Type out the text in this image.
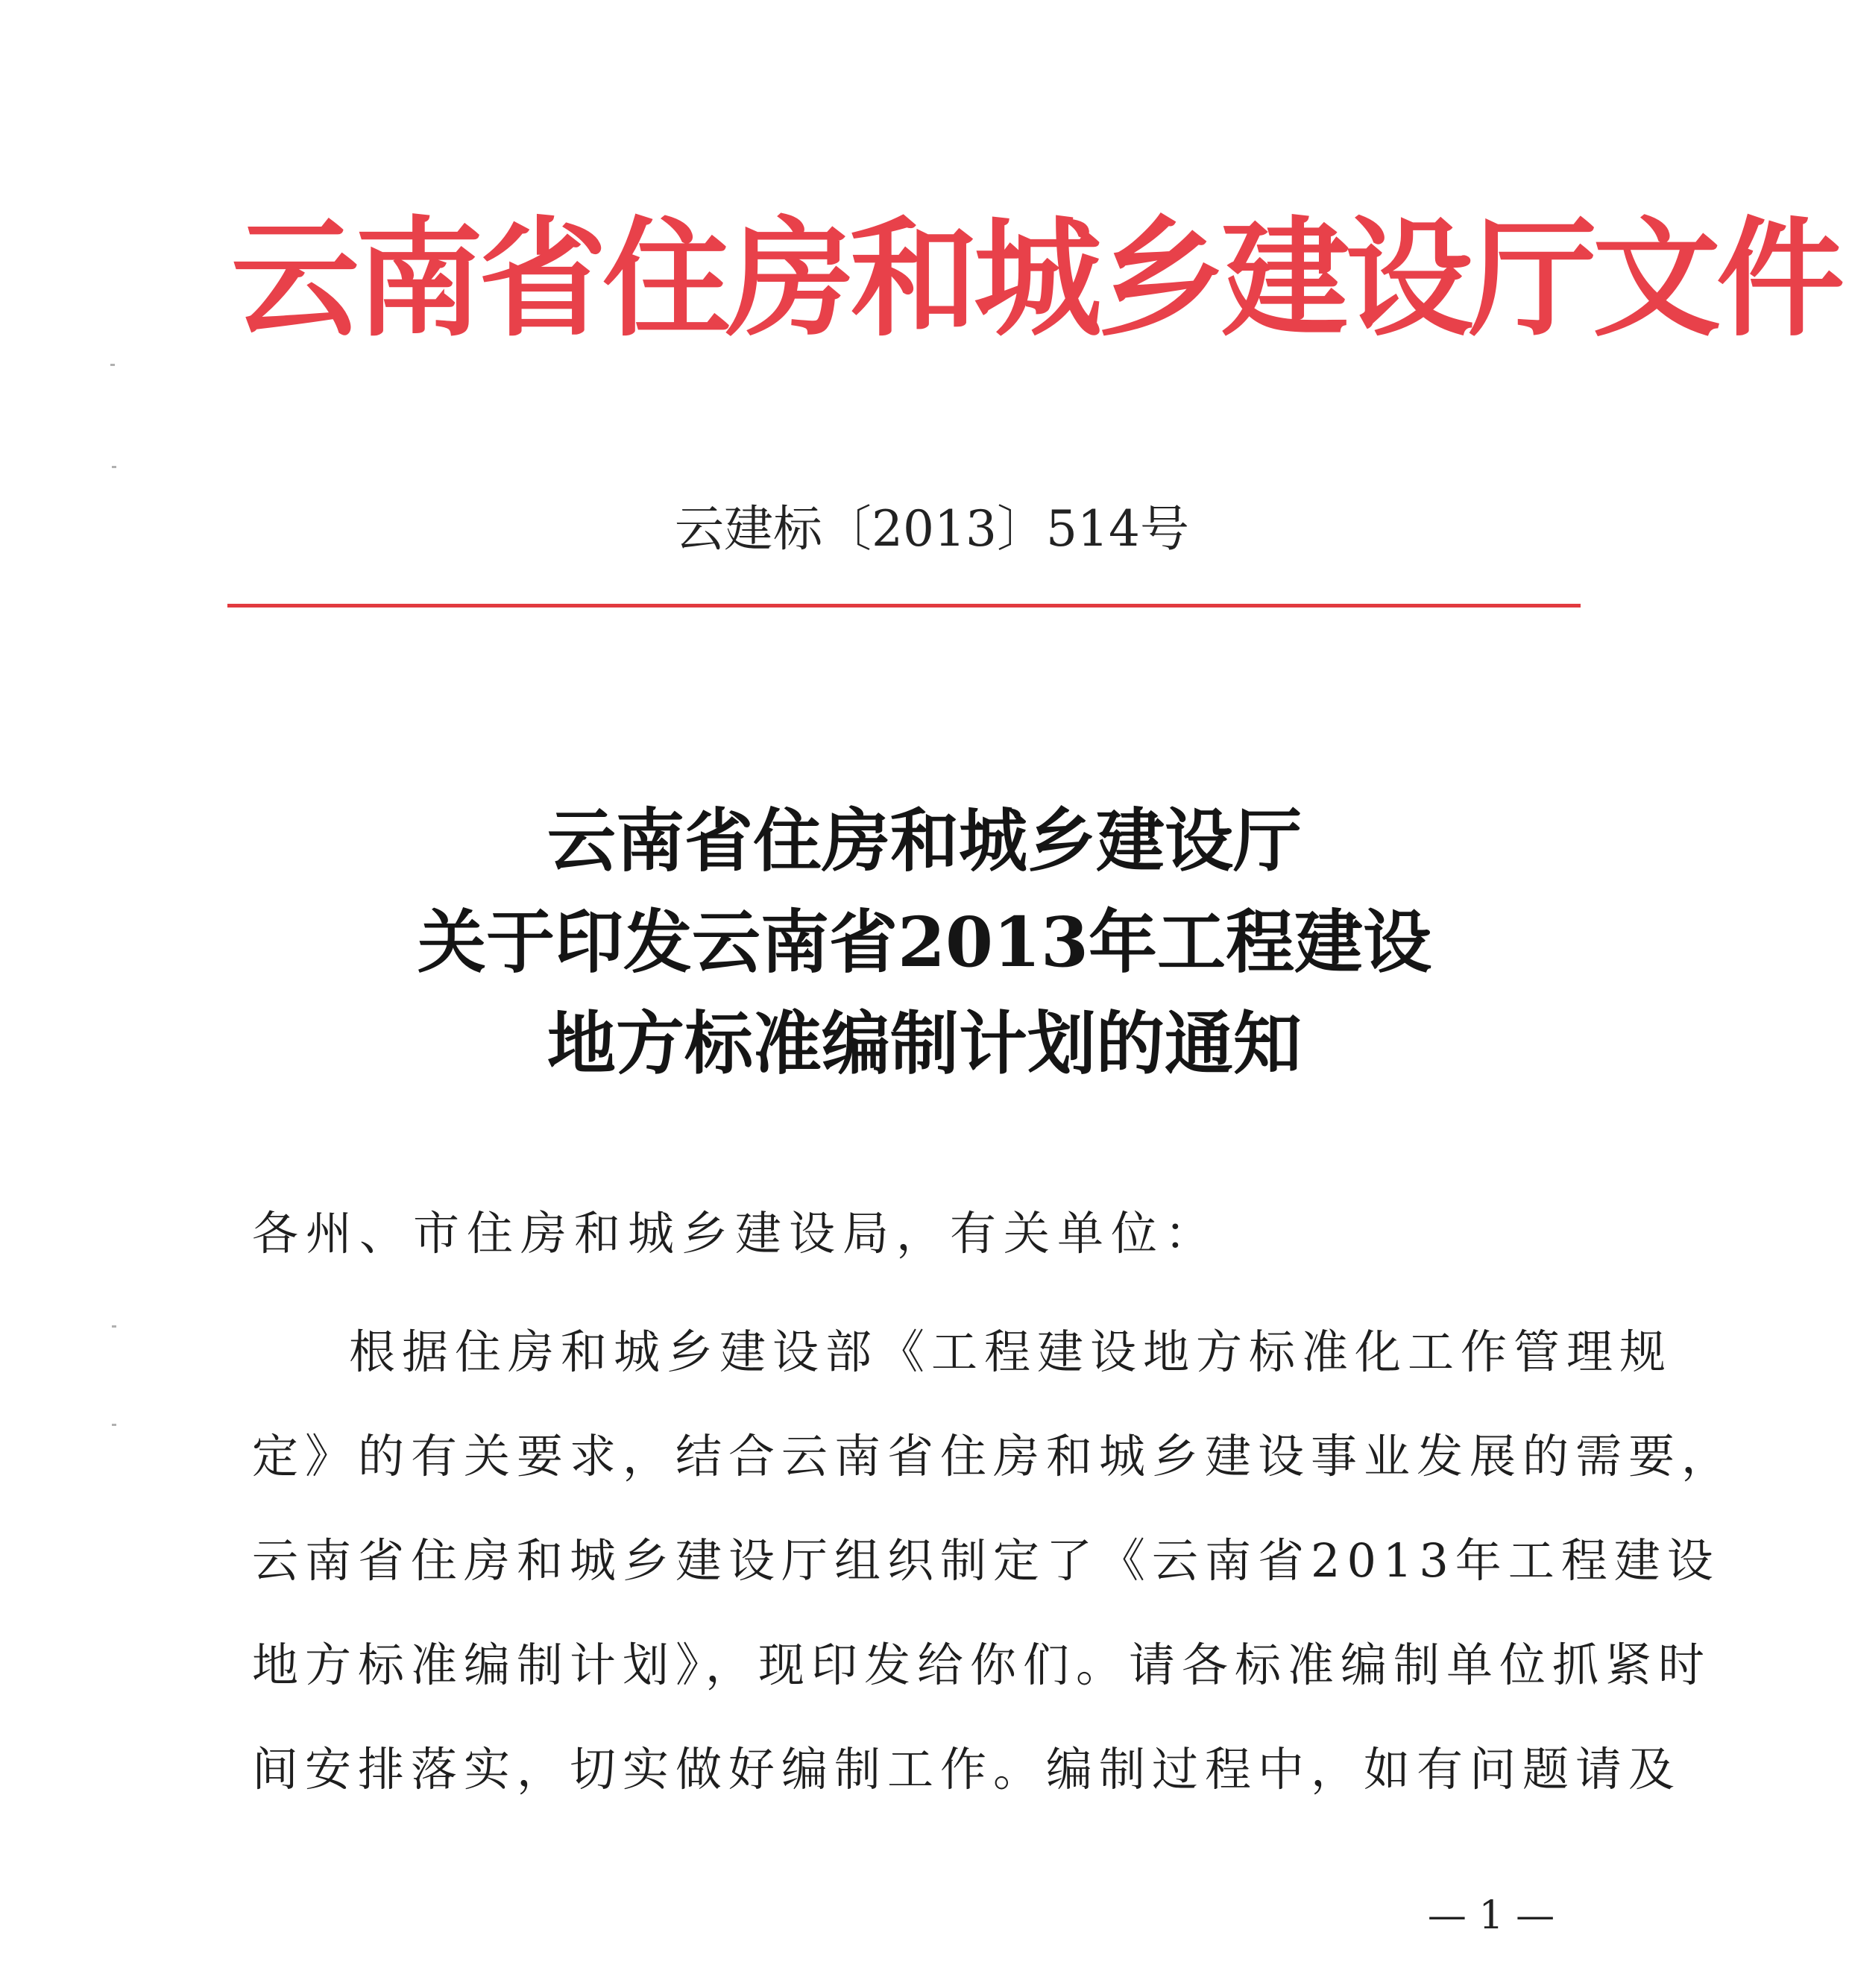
云南省住房和城乡建设厅文件
云建标〔2013〕514号
云南省住房和城乡建设厅
关于印发云南省2013年工程建设
地方标准编制计划的通知
各州、市住房和城乡建设局，有关单位：
根据住房和城乡建设部《工程建设地方标准化工作管理规
定》的有关要求，结合云南省住房和城乡建设事业发展的需要，
云南省住房和城乡建设厅组织制定了《云南省2013年工程建设
地方标准编制计划》，现印发给你们。请各标准编制单位抓紧时
间安排落实，切实做好编制工作。编制过程中，如有问题请及
— 1 —
